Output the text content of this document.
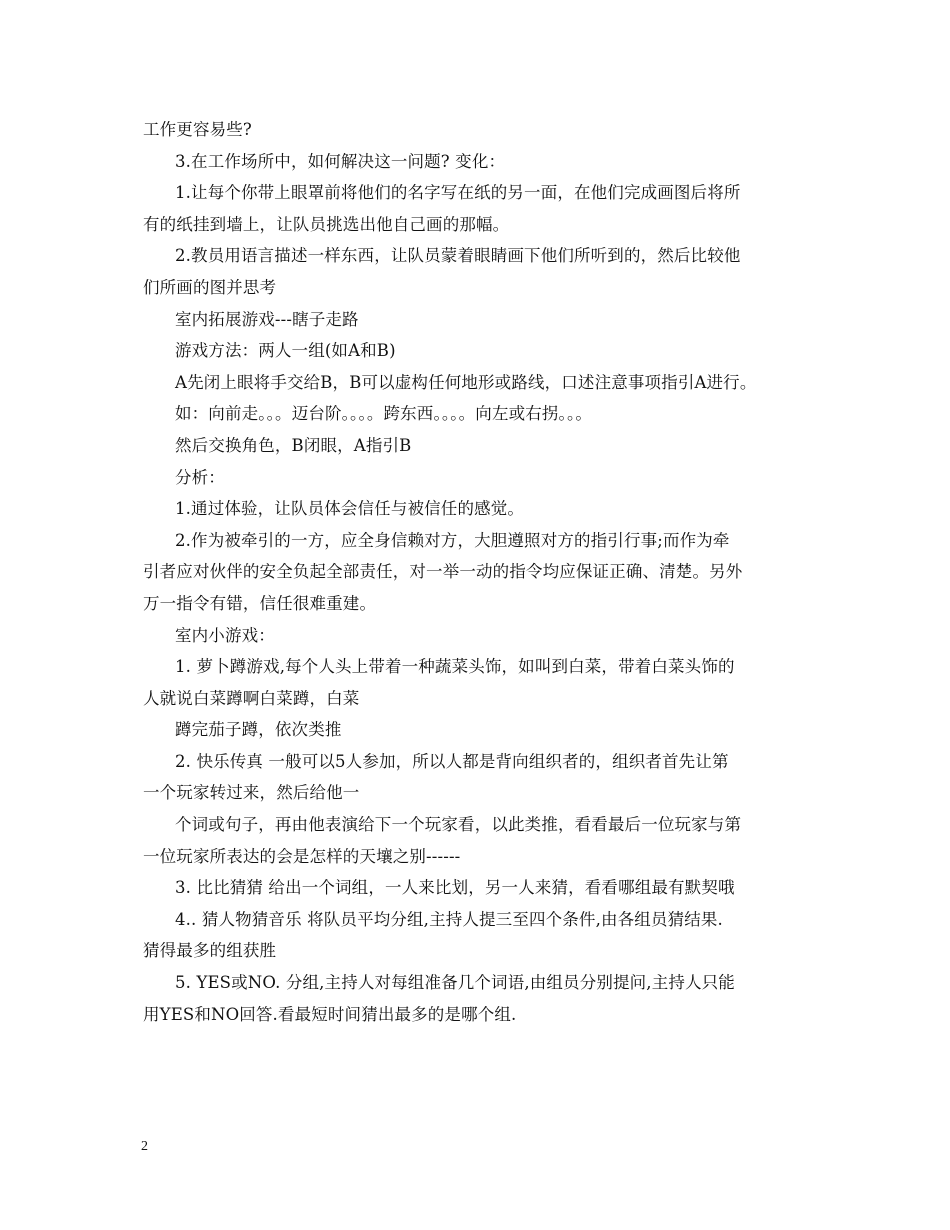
工作更容易些?
3.在工作场所中，如何解决这一问题? 变化：
1.让每个你带上眼罩前将他们的名字写在纸的另一面，在他们完成画图后将所
有的纸挂到墙上，让队员挑选出他自己画的那幅。
2.教员用语言描述一样东西，让队员蒙着眼睛画下他们所听到的，然后比较他
们所画的图并思考
室内拓展游戏---瞎子走路
游戏方法：两人一组(如A和B)
A先闭上眼将手交给B，B可以虚构任何地形或路线，口述注意事项指引A进行。
如：向前走。。。迈台阶。。。。跨东西。。。。向左或右拐。。。
然后交换角色，B闭眼，A指引B
分析：
1.通过体验，让队员体会信任与被信任的感觉。
2.作为被牵引的一方，应全身信赖对方，大胆遵照对方的指引行事;而作为牵
引者应对伙伴的安全负起全部责任，对一举一动的指令均应保证正确、清楚。另外
万一指令有错，信任很难重建。
室内小游戏：
1. 萝卜蹲游戏,每个人头上带着一种蔬菜头饰，如叫到白菜，带着白菜头饰的
人就说白菜蹲啊白菜蹲，白菜
蹲完茄子蹲，依次类推
2. 快乐传真 一般可以5人参加，所以人都是背向组织者的，组织者首先让第
一个玩家转过来，然后给他一
个词或句子，再由他表演给下一个玩家看，以此类推，看看最后一位玩家与第
一位玩家所表达的会是怎样的天壤之别------
3. 比比猜猜 给出一个词组，一人来比划，另一人来猜，看看哪组最有默契哦
4.. 猜人物猜音乐 将队员平均分组,主持人提三至四个条件,由各组员猜结果.
猜得最多的组获胜
5. YES或NO. 分组,主持人对每组准备几个词语,由组员分别提问,主持人只能
用YES和NO回答.看最短时间猜出最多的是哪个组.
2
